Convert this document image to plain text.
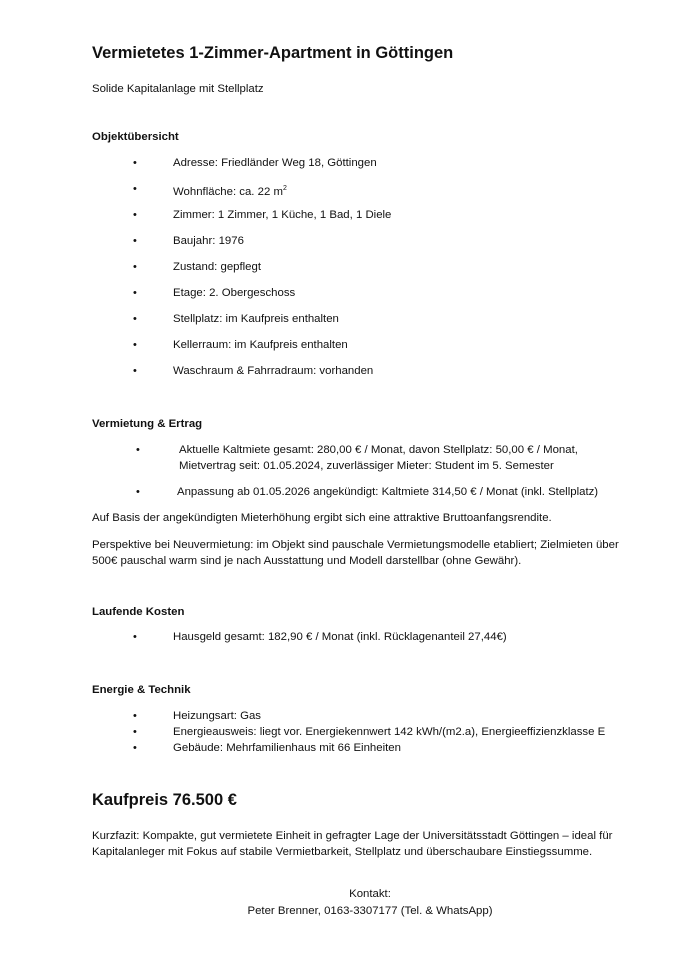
Vermietetes 1-Zimmer-Apartment in Göttingen
Solide Kapitalanlage mit Stellplatz
Objektübersicht
•	Adresse: Friedländer Weg 18, Göttingen
•	Wohnfläche: ca. 22 $m^2$
•	Zimmer: 1 Zimmer, 1 Küche, 1 Bad, 1 Diele
•	Baujahr: 1976
•	Zustand: gepflegt
•	Etage: 2. Obergeschoss
•	Stellplatz: im Kaufpreis enthalten
•	Kellerraum: im Kaufpreis enthalten
•	Waschraum & Fahrradraum: vorhanden
Vermietung & Ertrag
•	Aktuelle Kaltmiete gesamt: 280,00 € / Monat, davon Stellplatz: 50,00 € / Monat,
Mietvertrag seit: 01.05.2024, zuverlässiger Mieter: Student im 5. Semester
•	Anpassung ab 01.05.2026 angekündigt: Kaltmiete 314,50 € / Monat (inkl. Stellplatz)
Auf Basis der angekündigten Mieterhöhung ergibt sich eine attraktive Bruttoanfangsrendite.
Perspektive bei Neuvermietung: im Objekt sind pauschale Vermietungsmodelle etabliert; Zielmieten über
500€ pauschal warm sind je nach Ausstattung und Modell darstellbar (ohne Gewähr).
Laufende Kosten
•	Hausgeld gesamt: 182,90 € / Monat (inkl. Rücklagenanteil 27,44€)
Energie & Technik
•	Heizungsart: Gas
•	Energieausweis: liegt vor. Energiekennwert 142 kWh/(m2.a), Energieeffizienzklasse E
•	Gebäude: Mehrfamilienhaus mit 66 Einheiten
Kaufpreis 76.500 €
Kurzfazit: Kompakte, gut vermietete Einheit in gefragter Lage der Universitätsstadt Göttingen – ideal für
Kapitalanleger mit Fokus auf stabile Vermietbarkeit, Stellplatz und überschaubare Einstiegssumme.
Kontakt:
Peter Brenner, 0163-3307177 (Tel. & WhatsApp)
